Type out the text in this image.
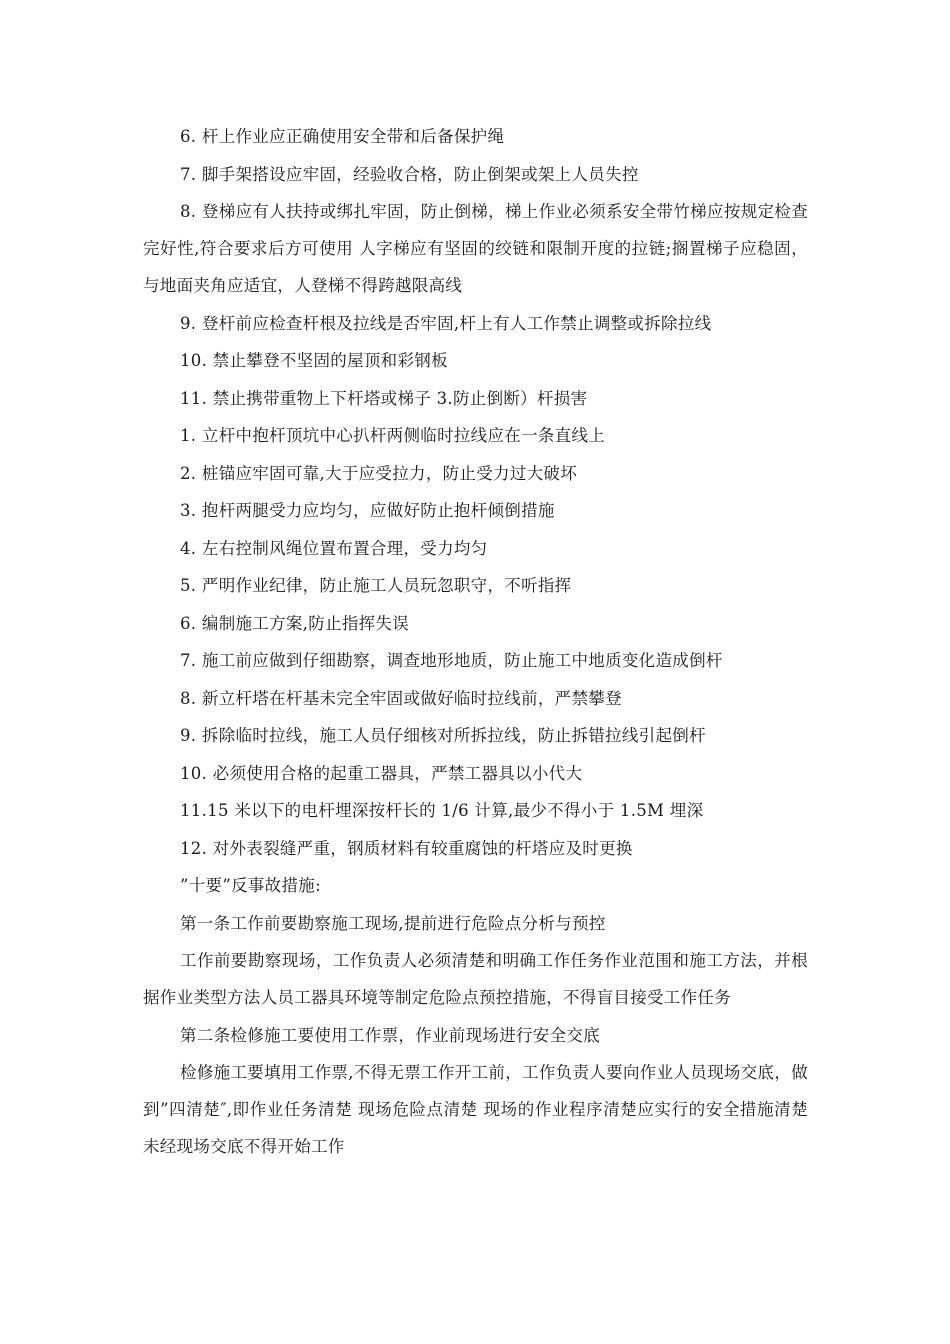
6. 杆上作业应正确使用安全带和后备保护绳

7. 脚手架搭设应牢固，经验收合格，防止倒架或架上人员失控

8. 登梯应有人扶持或绑扎牢固，防止倒梯，梯上作业必须系安全带竹梯应按规定检查完好性,符合要求后方可使用 人字梯应有坚固的绞链和限制开度的拉链;搁置梯子应稳固，与地面夹角应适宜，人登梯不得跨越限高线

9. 登杆前应检查杆根及拉线是否牢固,杆上有人工作禁止调整或拆除拉线

10. 禁止攀登不坚固的屋顶和彩钢板

11. 禁止携带重物上下杆塔或梯子 3.防止倒断）杆损害

1. 立杆中抱杆顶坑中心扒杆两侧临时拉线应在一条直线上

2. 桩锚应牢固可靠,大于应受拉力，防止受力过大破坏

3. 抱杆两腿受力应均匀，应做好防止抱杆倾倒措施

4. 左右控制风绳位置布置合理，受力均匀

5. 严明作业纪律，防止施工人员玩忽职守，不听指挥

6. 编制施工方案,防止指挥失误

7. 施工前应做到仔细勘察，调查地形地质，防止施工中地质变化造成倒杆

8. 新立杆塔在杆基未完全牢固或做好临时拉线前，严禁攀登

9. 拆除临时拉线，施工人员仔细核对所拆拉线，防止拆错拉线引起倒杆

10. 必须使用合格的起重工器具，严禁工器具以小代大

11.15 米以下的电杆埋深按杆长的 1/6 计算,最少不得小于 1.5M 埋深

12. 对外表裂缝严重，钢质材料有较重腐蚀的杆塔应及时更换

”十要”反事故措施:

第一条工作前要勘察施工现场,提前进行危险点分析与预控

工作前要勘察现场，工作负责人必须清楚和明确工作任务作业范围和施工方法，并根据作业类型方法人员工器具环境等制定危险点预控措施，不得盲目接受工作任务

第二条检修施工要使用工作票，作业前现场进行安全交底

检修施工要填用工作票,不得无票工作开工前，工作负责人要向作业人员现场交底，做到”四清楚″,即作业任务清楚 现场危险点清楚 现场的作业程序清楚应实行的安全措施清楚未经现场交底不得开始工作
